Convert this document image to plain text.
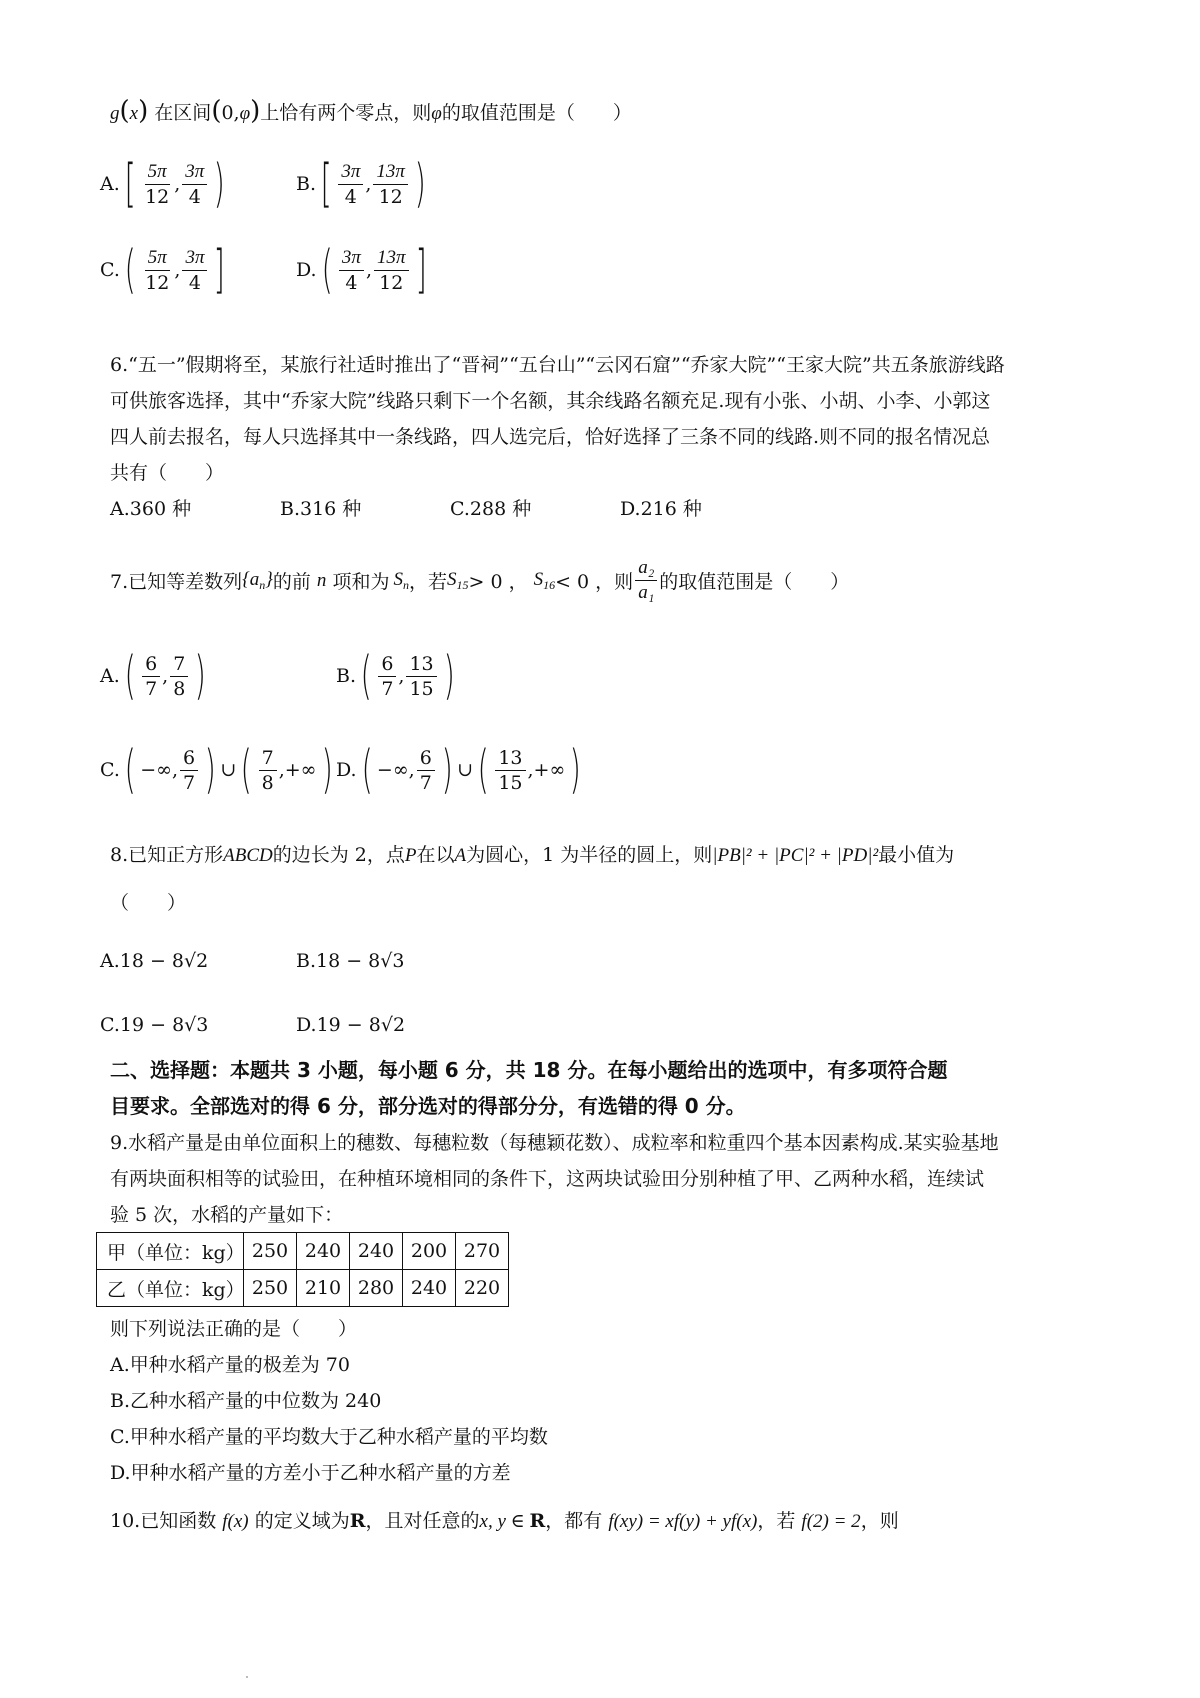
g(x) 在区间(0,φ)上恰有两个零点，则φ的取值范围是（　　）
A. [ $\frac{5\pi}{12}$ , $\frac{3\pi}{4}$ )	B. [ $\frac{3\pi}{4}$ , $\frac{13\pi}{12}$ )
C. ( $\frac{5\pi}{12}$ , $\frac{3\pi}{4}$ ]	D. ( $\frac{3\pi}{4}$ , $\frac{13\pi}{12}$ ]
6.“五一”假期将至，某旅行社适时推出了“晋祠”“五台山”“云冈石窟”“乔家大院”“王家大院”共五条旅游线路
可供旅客选择，其中“乔家大院”线路只剩下一个名额，其余线路名额充足.现有小张、小胡、小李、小郭这
四人前去报名，每人只选择其中一条线路，四人选完后，恰好选择了三条不同的线路.则不同的报名情况总
共有（　　）
A.360 种	B.316 种	C.288 种	D.216 种
7.已知等差数列 $\{a_n\}$ 的前
n
项和为 $S_n$ ，若 $S_{15} > 0$ ， $S_{16} < 0$ ，则 $\frac{\text{a₂}}{\text{a₁}}$ 的取值范围是（　　）
A. ( $\frac{6}{7}$ , $\frac{7}{8}$ )	B. ( $\frac{6}{7}$ , $\frac{13}{15}$ )
C. ( −∞, $\frac{6}{7}$ ) ∪ ( $\frac{7}{8}$ ,+∞ ) D. ( −∞, $\frac{6}{7}$ ) ∪ ( $\frac{13}{15}$ ,+∞ )
8.已知正方形ABCD的边长为 2，点P在以A为圆心，1 为半径的圆上，则|PB|² + |PC|² + |PD|²最小值为
（　　）
A.18 − 8√2	B.18 − 8√3
C.19 − 8√3	D.19 − 8√2
二、选择题：本题共 3 小题，每小题 6 分，共 18 分。在每小题给出的选项中，有多项符合题
目要求。全部选对的得 6 分，部分选对的得部分分，有选错的得 0 分。
9.水稻产量是由单位面积上的穗数、每穗粒数（每穗颖花数）、成粒率和粒重四个基本因素构成.某实验基地
有两块面积相等的试验田，在种植环境相同的条件下，这两块试验田分别种植了甲、乙两种水稻，连续试
验 5 次，水稻的产量如下：
甲（单位：kg）	250	240	240	200	270
乙（单位：kg）	250	210	280	240	220
则下列说法正确的是（　　）
A.甲种水稻产量的极差为 70
B.乙种水稻产量的中位数为 240
C.甲种水稻产量的平均数大于乙种水稻产量的平均数
D.甲种水稻产量的方差小于乙种水稻产量的方差
10.已知函数 f(x) 的定义域为R，且对任意的x, y ∈ R，都有 f(xy) = xf(y) + yf(x)，若 f(2) = 2，则
